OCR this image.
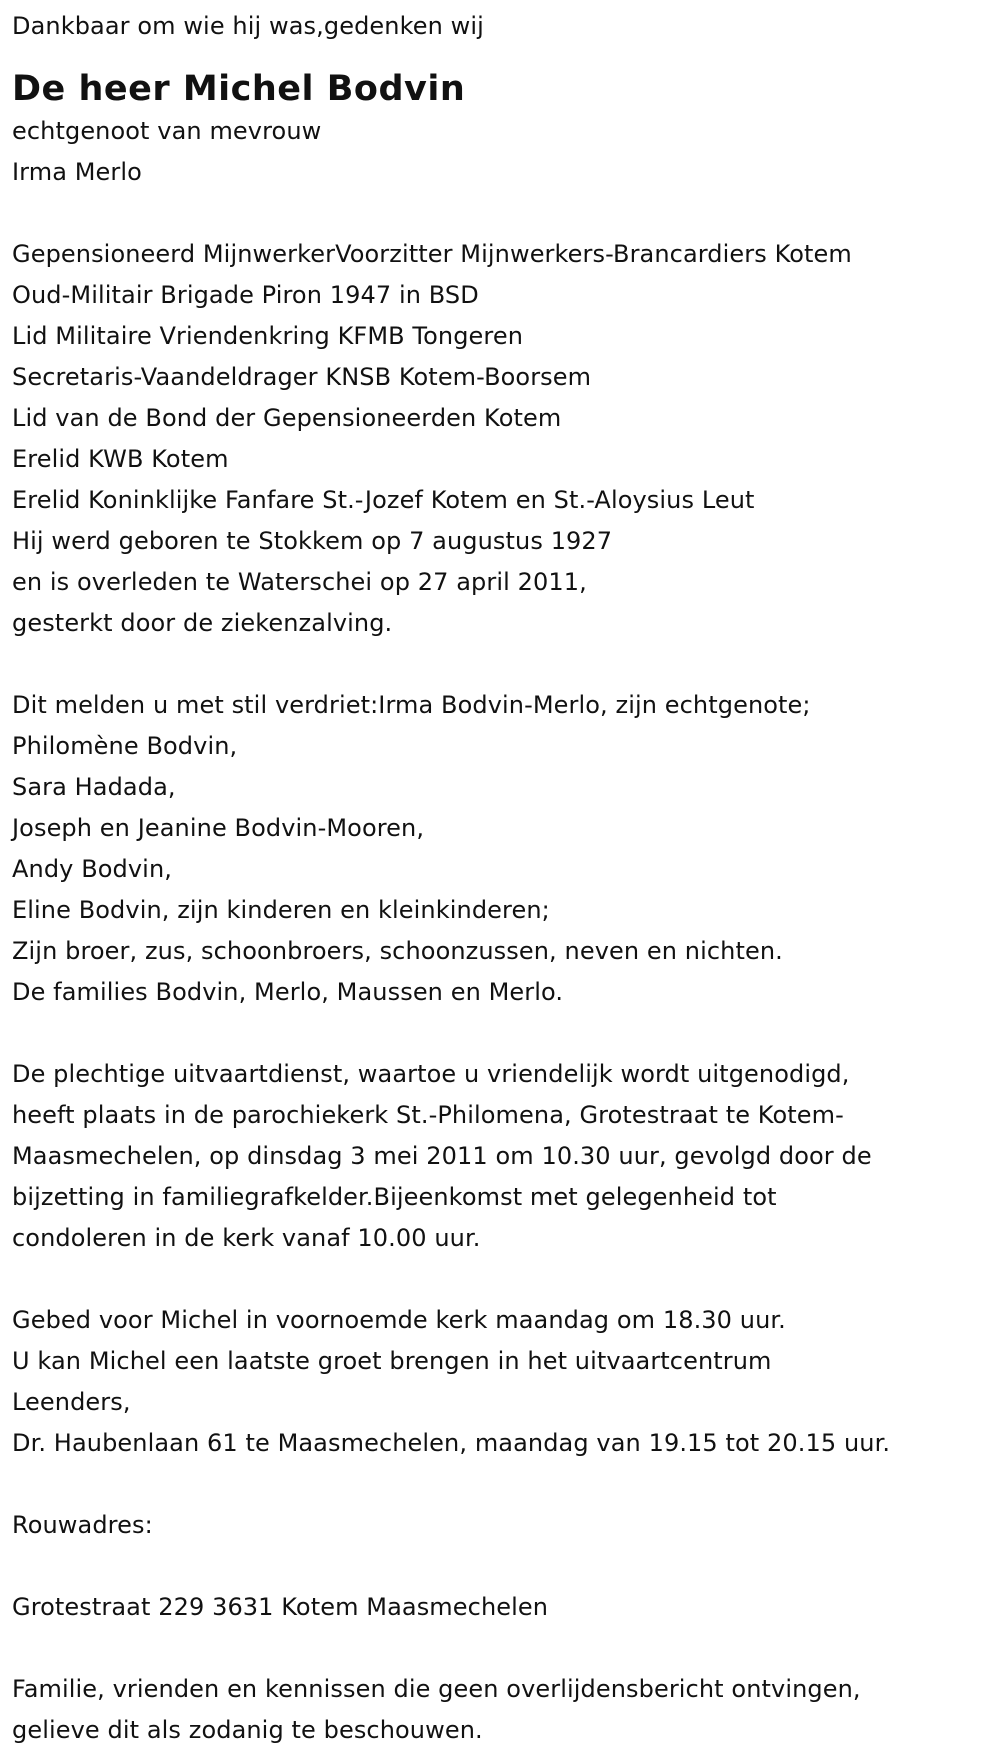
Dankbaar om wie hij was,gedenken wij
De heer Michel Bodvin
echtgenoot van mevrouw
Irma Merlo
Gepensioneerd MijnwerkerVoorzitter Mijnwerkers-Brancardiers Kotem
Oud-Militair Brigade Piron 1947 in BSD
Lid Militaire Vriendenkring KFMB Tongeren
Secretaris-Vaandeldrager KNSB Kotem-Boorsem
Lid van de Bond der Gepensioneerden Kotem
Erelid KWB Kotem
Erelid Koninklijke Fanfare St.-Jozef Kotem en St.-Aloysius Leut
Hij werd geboren te Stokkem op 7 augustus 1927
en is overleden te Waterschei op 27 april 2011,
gesterkt door de ziekenzalving.
Dit melden u met stil verdriet:Irma Bodvin-Merlo, zijn echtgenote;
Philomène Bodvin,
Sara Hadada,
Joseph en Jeanine Bodvin-Mooren,
Andy Bodvin,
Eline Bodvin, zijn kinderen en kleinkinderen;
Zijn broer, zus, schoonbroers, schoonzussen, neven en nichten.
De families Bodvin, Merlo, Maussen en Merlo.
De plechtige uitvaartdienst, waartoe u vriendelijk wordt uitgenodigd,
heeft plaats in de parochiekerk St.-Philomena, Grotestraat te Kotem-
Maasmechelen, op dinsdag 3 mei 2011 om 10.30 uur, gevolgd door de
bijzetting in familiegrafkelder.Bijeenkomst met gelegenheid tot
condoleren in de kerk vanaf 10.00 uur.
Gebed voor Michel in voornoemde kerk maandag om 18.30 uur.
U kan Michel een laatste groet brengen in het uitvaartcentrum
Leenders,
Dr. Haubenlaan 61 te Maasmechelen, maandag van 19.15 tot 20.15 uur.
Rouwadres:
Grotestraat 229 3631 Kotem Maasmechelen
Familie, vrienden en kennissen die geen overlijdensbericht ontvingen,
gelieve dit als zodanig te beschouwen.
